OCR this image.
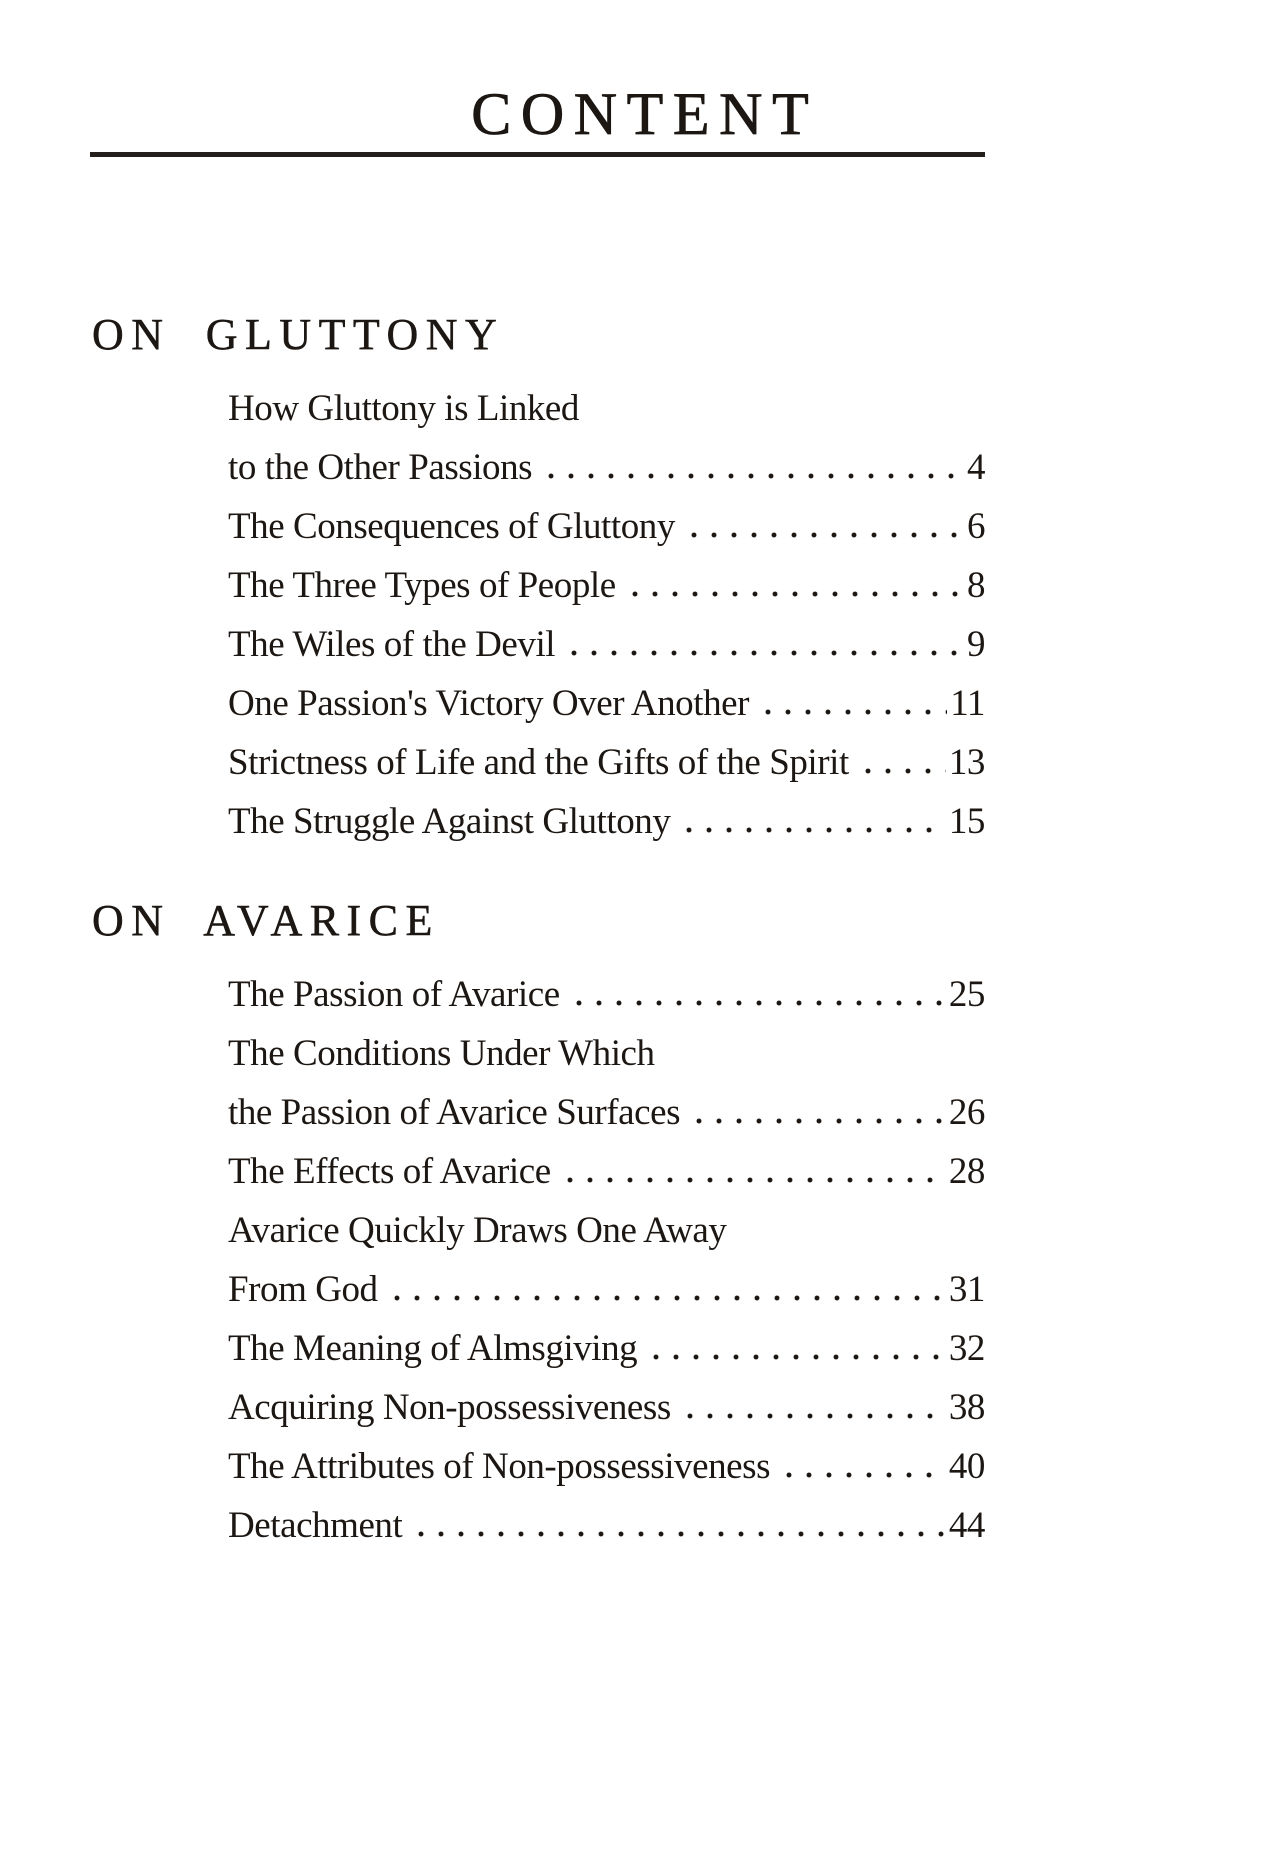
CONTENT
ON GLUTTONY
How Gluttony is Linked
to the Other Passions	4
The Consequences of Gluttony	6
The Three Types of People	8
The Wiles of the Devil	9
One Passion's Victory Over Another	11
Strictness of Life and the Gifts of the Spirit	13
The Struggle Against Gluttony	15
ON AVARICE
The Passion of Avarice	25
The Conditions Under Which
the Passion of Avarice Surfaces	26
The Effects of Avarice	28
Avarice Quickly Draws One Away
From God	31
The Meaning of Almsgiving	32
Acquiring Non-possessiveness	38
The Attributes of Non-possessiveness	40
Detachment	44
